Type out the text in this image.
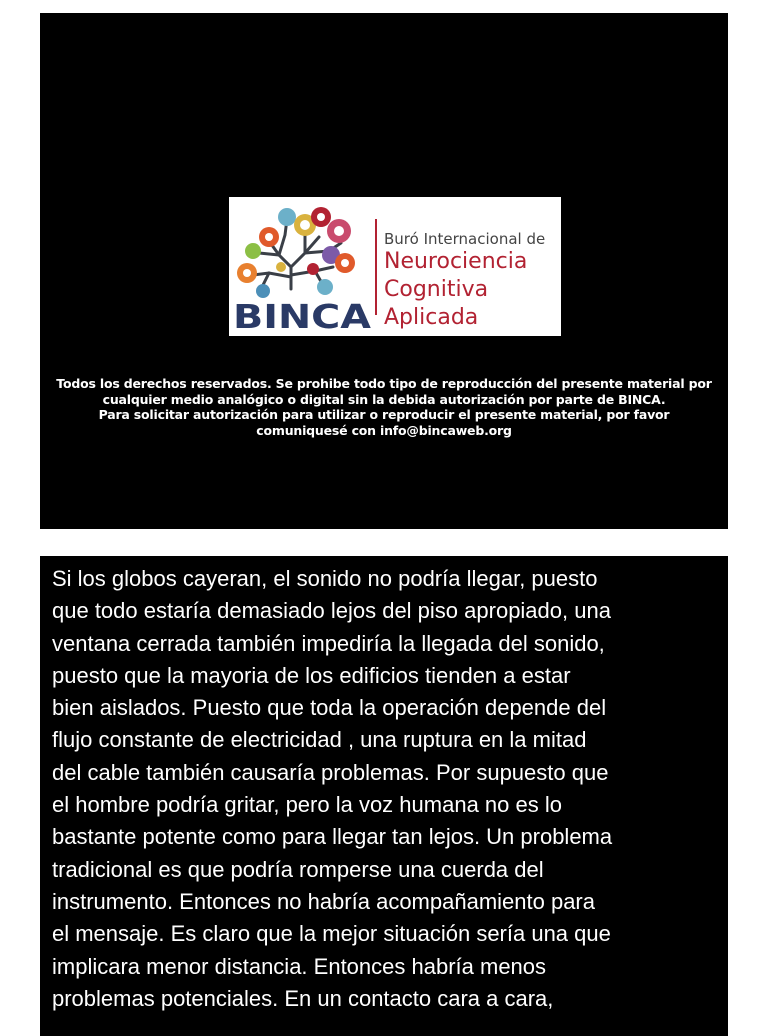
BINCA
Buró Internacional de
Neurociencia
Cognitiva
Aplicada
Todos los derechos reservados. Se prohibe todo tipo de reproducción del presente material por
cualquier medio analógico o digital sin la debida autorización por parte de BINCA.
Para solicitar autorización para utilizar o reproducir el presente material, por favor
comuniquesé con info@bincaweb.org
Si los globos cayeran, el sonido no podría llegar, puesto
que todo estaría demasiado lejos del piso apropiado, una
ventana cerrada también impediría la llegada del sonido,
puesto que la mayoria de los edificios tienden a estar
bien aislados. Puesto que toda la operación depende del
flujo constante de electricidad , una ruptura en la mitad
del cable también causaría problemas. Por supuesto que
el hombre podría gritar, pero la voz humana no es lo
bastante potente como para llegar tan lejos. Un problema
tradicional es que podría romperse una cuerda del
instrumento. Entonces no habría acompañamiento para
el mensaje. Es claro que la mejor situación sería una que
implicara menor distancia. Entonces habría menos
problemas potenciales. En un contacto cara a cara,
